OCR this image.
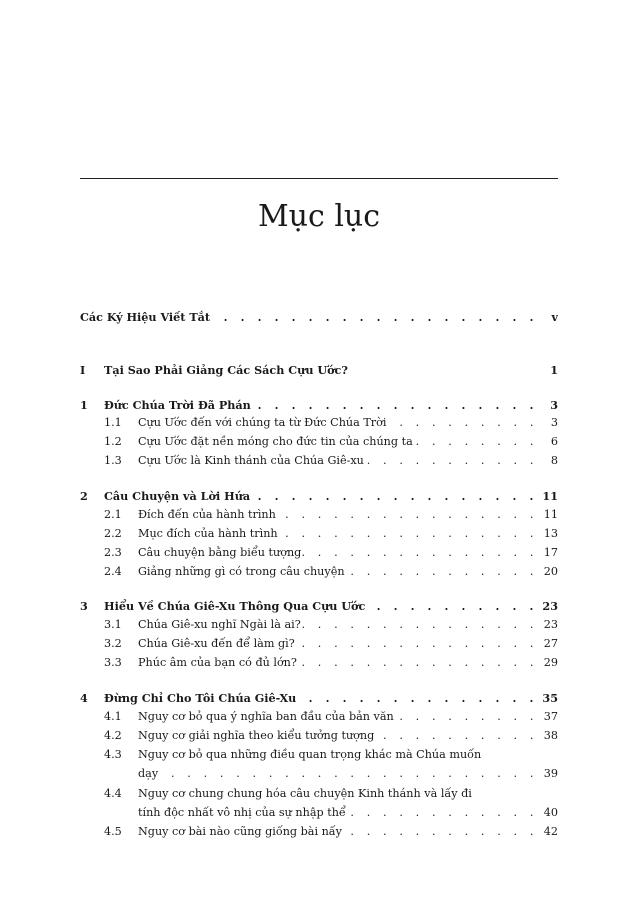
Mục lục
Các Ký Hiệu Viết Tắt . . .	v
I Tại Sao Phải Giảng Các Sách Cựu Ước?	1
1 Đức Chúa Trời Đã Phán . . .	3
1.1 Cựu Ước đến với chúng ta từ Đức Chúa Trời . . .	3
1.2 Cựu Ước đặt nền móng cho đức tin của chúng ta . . .	6
1.3 Cựu Ước là Kinh thánh của Chúa Giê-xu . . .	8
2 Câu Chuyện và Lời Hứa . . .	11
2.1 Đích đến của hành trình . . .	11
2.2 Mục đích của hành trình . . .	13
2.3 Câu chuyện bằng biểu tượng . . .	17
2.4 Giảng những gì có trong câu chuyện . . .	20
3 Hiểu Về Chúa Giê-Xu Thông Qua Cựu Ước . . .	23
3.1 Chúa Giê-xu nghĩ Ngài là ai? . . .	23
3.2 Chúa Giê-xu đến để làm gì? . . .	27
3.3 Phúc âm của bạn có đủ lớn? . . .	29
4 Đừng Chỉ Cho Tôi Chúa Giê-Xu . . .	35
4.1 Nguy cơ bỏ qua ý nghĩa ban đầu của bản văn . . .	37
4.2 Nguy cơ giải nghĩa theo kiểu tưởng tượng . . .	38
4.3 Nguy cơ bỏ qua những điều quan trọng khác mà Chúa muốn
dạy . . .	39
4.4 Nguy cơ chung chung hóa câu chuyện Kinh thánh và lấy đi
tính độc nhất vô nhị của sự nhập thể . . .	40
4.5 Nguy cơ bài nào cũng giống bài nấy . . .	42
